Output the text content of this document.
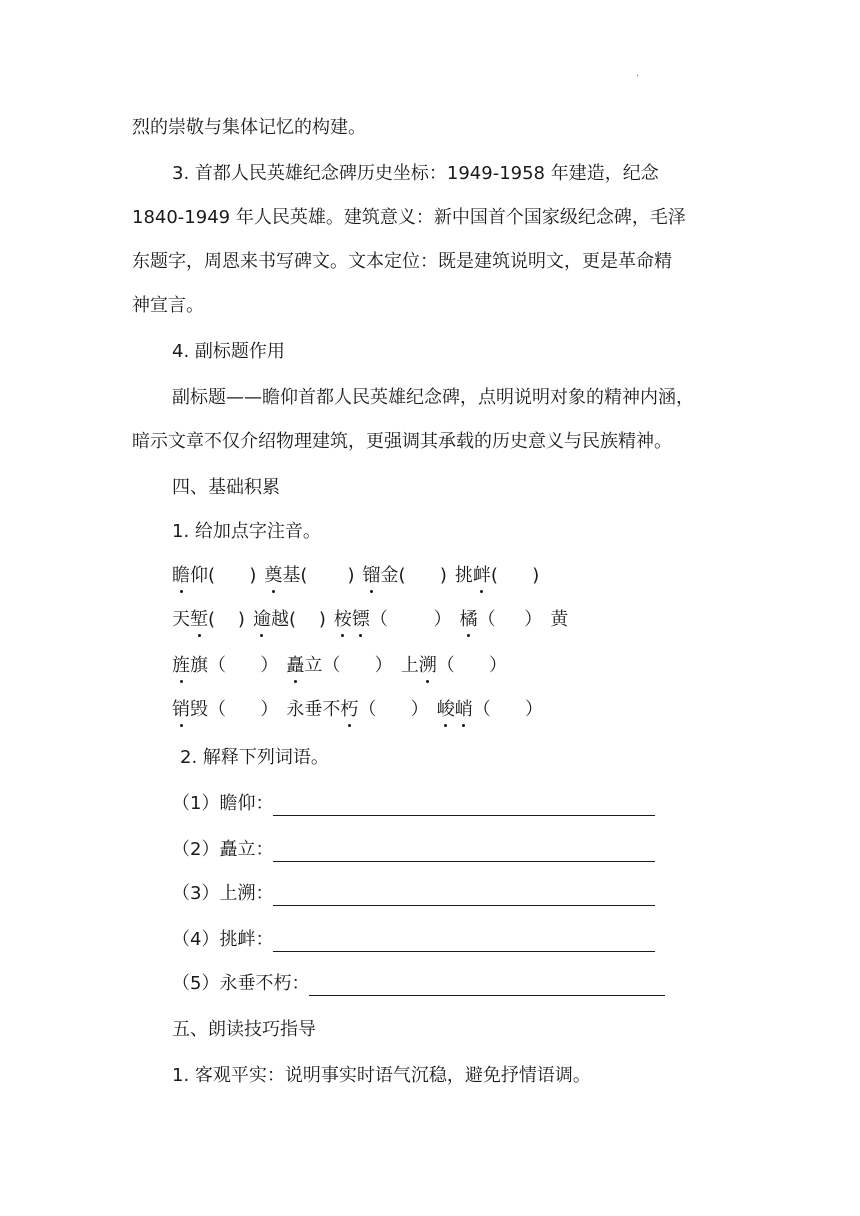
.
烈的崇敬与集体记忆的构建。
3. 首都人民英雄纪念碑历史坐标：1949-1958 年建造，纪念
1840-1949 年人民英雄。建筑意义：新中国首个国家级纪念碑，毛泽
东题字，周恩来书写碑文。文本定位：既是建筑说明文，更是革命精
神宣言。
4. 副标题作用
副标题——瞻仰首都人民英雄纪念碑，点明说明对象的精神内涵，
暗示文章不仅介绍物理建筑，更强调其承载的历史意义与民族精神。
四、基础积累
1. 给加点字注音。
瞻仰(      ) 奠基(       ) 镏金(      ) 挑衅(      )
天堑(    ) 逾越(    ) 桉镖（        ） 橘（     ） 黄
旌旗（      ） 矗立（      ） 上溯（      ）
销毁（      ） 永垂不朽（      ） 峻峭（      ）
2. 解释下列词语。
（1）瞻仰：
（2）矗立：
（3）上溯：
（4）挑衅：
（5）永垂不朽：
五、朗读技巧指导
1. 客观平实：说明事实时语气沉稳，避免抒情语调。
